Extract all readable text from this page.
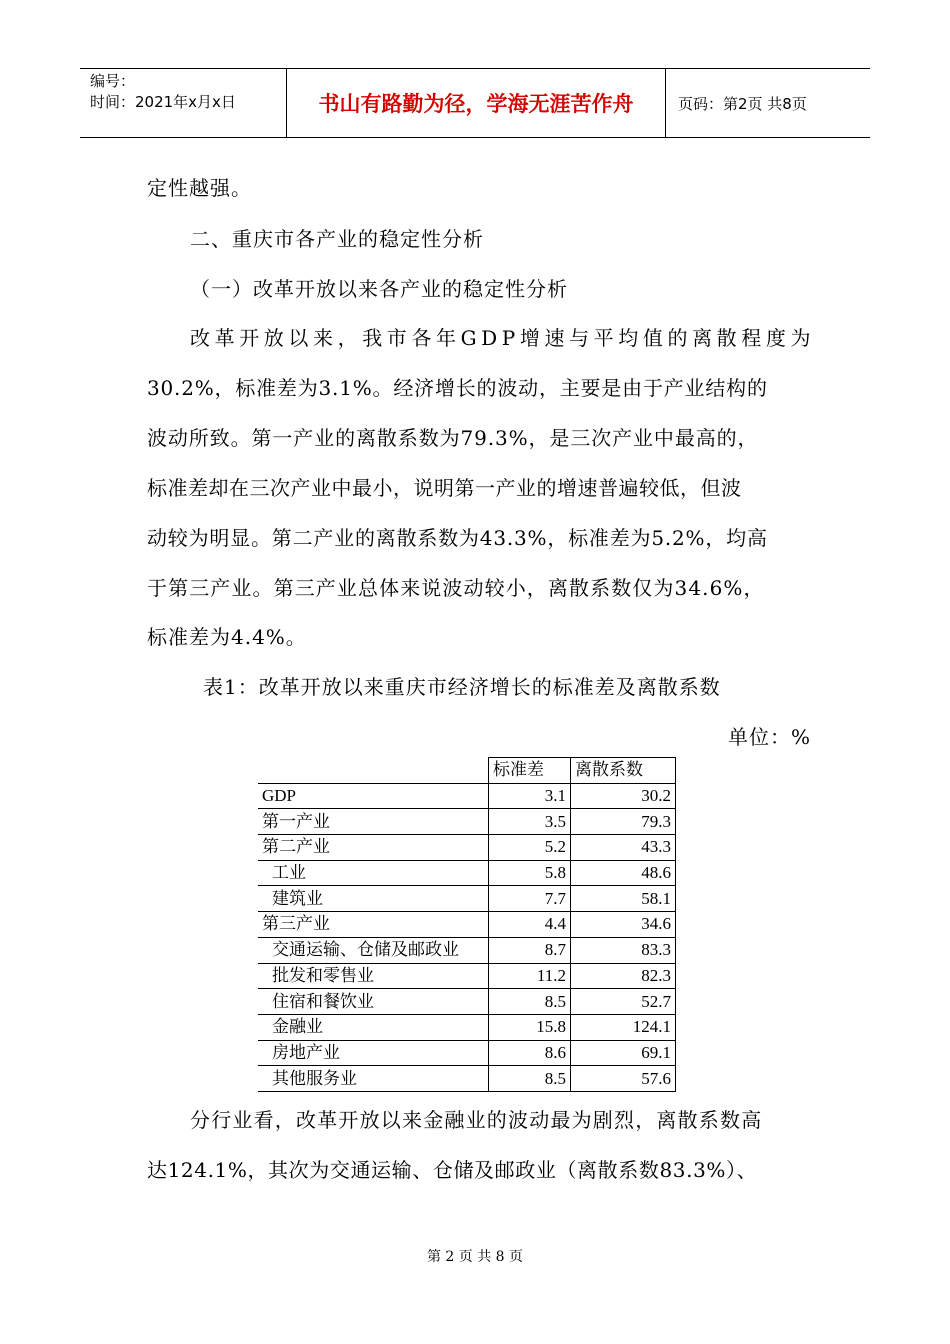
编号：
时间：2021年x月x日	书山有路勤为径，学海无涯苦作舟	页码：第2页 共8页
定性越强。
二、重庆市各产业的稳定性分析
（一）改革开放以来各产业的稳定性分析
改革开放以来，我市各年GDP增速与平均值的离散程度为
30.2%，标准差为3.1%。经济增长的波动，主要是由于产业结构的
波动所致。第一产业的离散系数为79.3%，是三次产业中最高的，
标准差却在三次产业中最小，说明第一产业的增速普遍较低，但波
动较为明显。第二产业的离散系数为43.3%，标准差为5.2%，均高
于第三产业。第三产业总体来说波动较小，离散系数仅为34.6%，
标准差为4.4%。
表1：改革开放以来重庆市经济增长的标准差及离散系数
单位：%
	标准差	离散系数
GDP	3.1	30.2
第一产业	3.5	79.3
第二产业	5.2	43.3
工业	5.8	48.6
建筑业	7.7	58.1
第三产业	4.4	34.6
交通运输、仓储及邮政业	8.7	83.3
批发和零售业	11.2	82.3
住宿和餐饮业	8.5	52.7
金融业	15.8	124.1
房地产业	8.6	69.1
其他服务业	8.5	57.6
分行业看，改革开放以来金融业的波动最为剧烈，离散系数高
达124.1%，其次为交通运输、仓储及邮政业（离散系数83.3%）、
第 2 页 共 8 页
